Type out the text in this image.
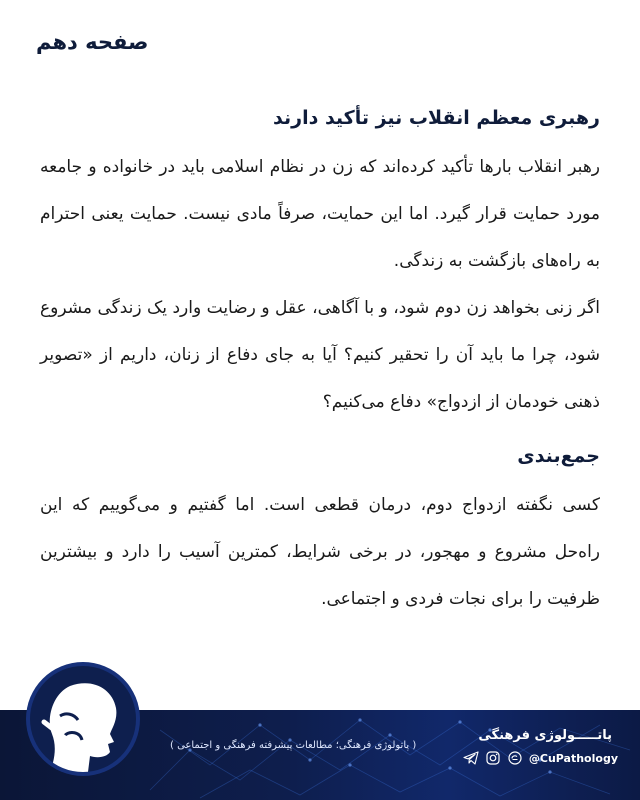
صفحه دهم
رهبری معظم انقلاب نیز تأکید دارند

رهبر انقلاب بارها تأکید کرده‌اند که زن در نظام اسلامی باید در خانواده و جامعه مورد حمایت قرار گیرد. اما این حمایت، صرفاً مادی نیست. حمایت یعنی احترام به راه‌های بازگشت به زندگی.

اگر زنی بخواهد زن دوم شود، و با آگاهی، عقل و رضایت وارد یک زندگی مشروع شود، چرا ما باید آن را تحقیر کنیم؟ آیا به جای دفاع از زنان، داریم از «تصویر ذهنی خودمان از ازدواج» دفاع می‌کنیم؟

جمع‌بندی

کسی نگفته ازدواج دوم، درمان قطعی است. اما گفتیم و می‌گوییم که این راه‌حل مشروع و مهجور، در برخی شرایط، کمترین آسیب را دارد و بیشترین ظرفیت را برای نجات فردی و اجتماعی.

( پاتولوژی فرهنگی؛ مطالعات پیشرفته فرهنگی و اجتماعی )
پاتـــــولوژی فرهنگی
@CuPathology
